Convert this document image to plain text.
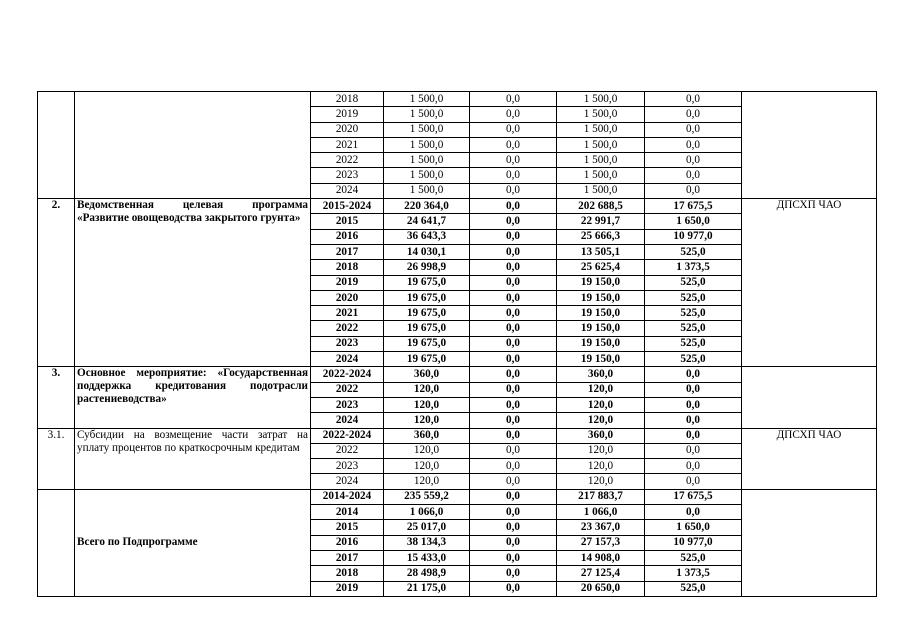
		2018	1 500,0	0,0	1 500,0	0,0	
		2019	1 500,0	0,0	1 500,0	0,0	
		2020	1 500,0	0,0	1 500,0	0,0	
		2021	1 500,0	0,0	1 500,0	0,0	
		2022	1 500,0	0,0	1 500,0	0,0	
		2023	1 500,0	0,0	1 500,0	0,0	
		2024	1 500,0	0,0	1 500,0	0,0	
2.	Ведомственная целевая программа «Развитие овощеводства закрытого грунта»	2015-2024	220 364,0	0,0	202 688,5	17 675,5	ДПСХП ЧАО
		2015	24 641,7	0,0	22 991,7	1 650,0	
		2016	36 643,3	0,0	25 666,3	10 977,0	
		2017	14 030,1	0,0	13 505,1	525,0	
		2018	26 998,9	0,0	25 625,4	1 373,5	
		2019	19 675,0	0,0	19 150,0	525,0	
		2020	19 675,0	0,0	19 150,0	525,0	
		2021	19 675,0	0,0	19 150,0	525,0	
		2022	19 675,0	0,0	19 150,0	525,0	
		2023	19 675,0	0,0	19 150,0	525,0	
		2024	19 675,0	0,0	19 150,0	525,0	
3.	Основное мероприятие: «Государственная поддержка кредитования подотрасли растениеводства»	2022-2024	360,0	0,0	360,0	0,0	
		2022	120,0	0,0	120,0	0,0	
		2023	120,0	0,0	120,0	0,0	
		2024	120,0	0,0	120,0	0,0	
3.1.	Субсидии на возмещение части затрат на уплату процентов по краткосрочным кредитам	2022-2024	360,0	0,0	360,0	0,0	ДПСХП ЧАО
		2022	120,0	0,0	120,0	0,0	
		2023	120,0	0,0	120,0	0,0	
		2024	120,0	0,0	120,0	0,0	
	Всего по Подпрограмме	2014-2024	235 559,2	0,0	217 883,7	17 675,5	
		2014	1 066,0	0,0	1 066,0	0,0	
		2015	25 017,0	0,0	23 367,0	1 650,0	
		2016	38 134,3	0,0	27 157,3	10 977,0	
		2017	15 433,0	0,0	14 908,0	525,0	
		2018	28 498,9	0,0	27 125,4	1 373,5	
		2019	21 175,0	0,0	20 650,0	525,0	
